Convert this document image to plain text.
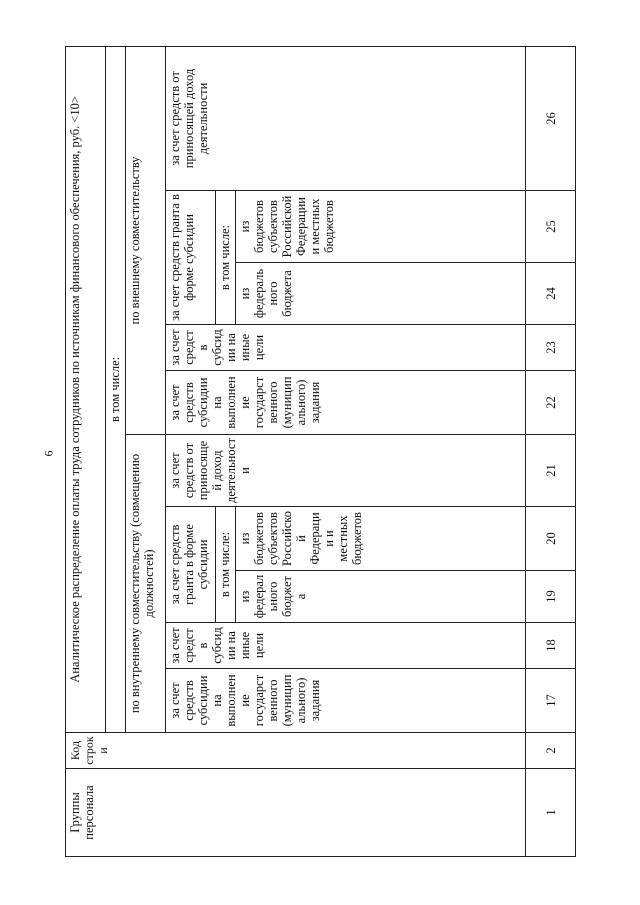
6
Группы персонала	Код строки	Аналитическое распределение оплаты труда сотрудников по источникам финансового обеспечения, руб. <10>									
		в том числе:									
		по внутреннему совместительству (совмещению должностей)					по внешнему совместительству				
		за счет средств субсидии на выполнение государственного (муниципального) задания	за счет средств субсидии на иные цели	за счет средств гранта в форме субсидии		за счет средств от приносящей доход деятельности	за счет средств субсидии на выполнение государственного (муниципального) задания	за счет средств субсидии на иные цели	за счет средств гранта в форме субсидии		за счет средств от приносящей доход деятельности
				в том числе:					в том числе:		
				из федерального бюджета	из бюджетов субъектов Российской Федерации и местных бюджетов				из федерального бюджета	из бюджетов субъектов Российской Федерации и местных бюджетов	
1	2	17	18	19	20	21	22	23	24	25	26
